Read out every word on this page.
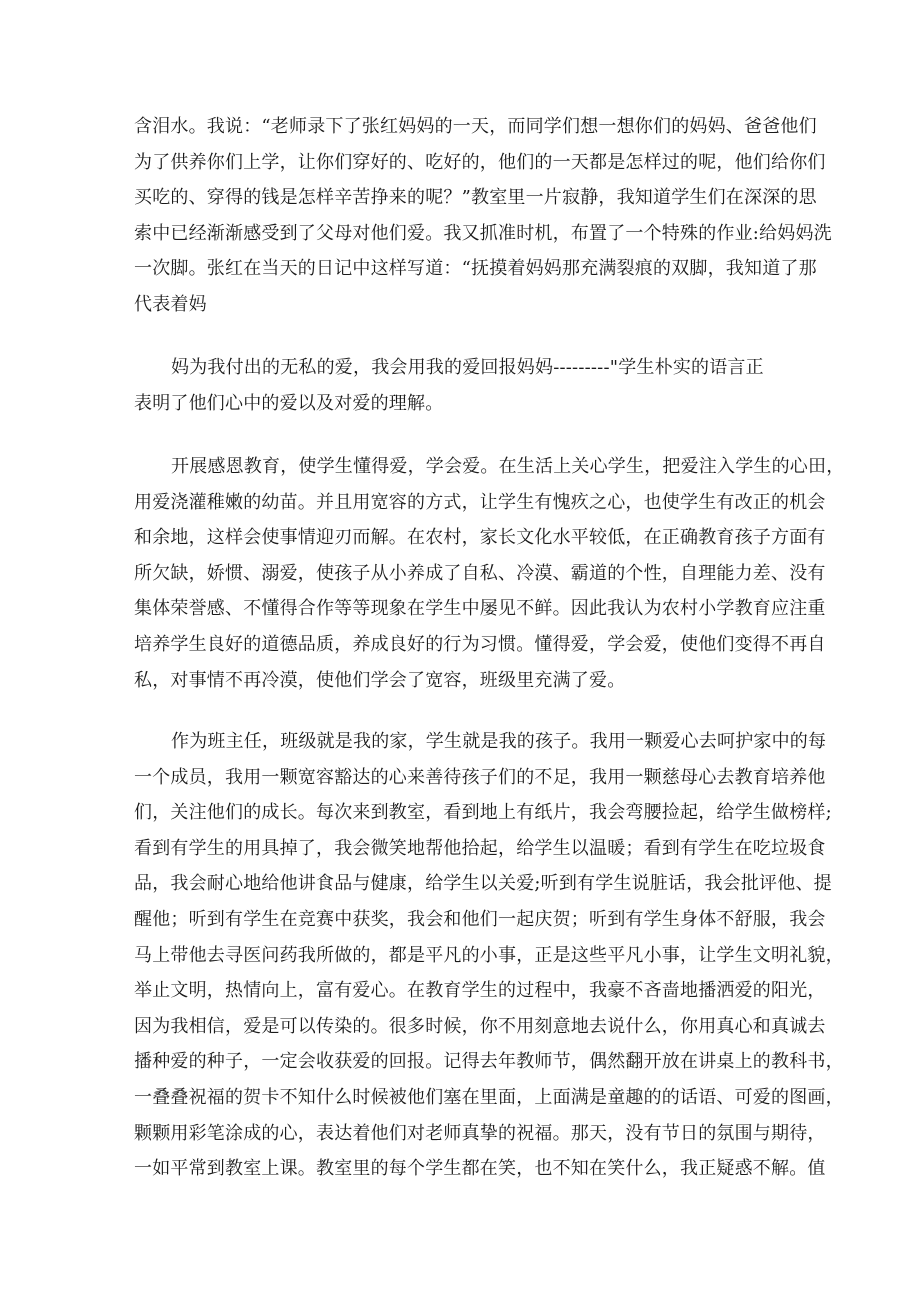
含泪水。我说：“老师录下了张红妈妈的一天，而同学们想一想你们的妈妈、爸爸他们
为了供养你们上学，让你们穿好的、吃好的，他们的一天都是怎样过的呢，他们给你们
买吃的、穿得的钱是怎样辛苦挣来的呢？”教室里一片寂静，我知道学生们在深深的思
索中已经渐渐感受到了父母对他们爱。我又抓准时机，布置了一个特殊的作业:给妈妈洗
一次脚。张红在当天的日记中这样写道：“抚摸着妈妈那充满裂痕的双脚，我知道了那
代表着妈
妈为我付出的无私的爱，我会用我的爱回报妈妈---------"学生朴实的语言正
表明了他们心中的爱以及对爱的理解。
开展感恩教育，使学生懂得爱，学会爱。在生活上关心学生，把爱注入学生的心田，
用爱浇灌稚嫩的幼苗。并且用宽容的方式，让学生有愧疚之心，也使学生有改正的机会
和余地，这样会使事情迎刃而解。在农村，家长文化水平较低，在正确教育孩子方面有
所欠缺，娇惯、溺爱，使孩子从小养成了自私、冷漠、霸道的个性，自理能力差、没有
集体荣誉感、不懂得合作等等现象在学生中屡见不鲜。因此我认为农村小学教育应注重
培养学生良好的道德品质，养成良好的行为习惯。懂得爱，学会爱，使他们变得不再自
私，对事情不再冷漠，使他们学会了宽容，班级里充满了爱。
作为班主任，班级就是我的家，学生就是我的孩子。我用一颗爱心去呵护家中的每
一个成员，我用一颗宽容豁达的心来善待孩子们的不足，我用一颗慈母心去教育培养他
们，关注他们的成长。每次来到教室，看到地上有纸片，我会弯腰捡起，给学生做榜样;
看到有学生的用具掉了，我会微笑地帮他拾起，给学生以温暖；看到有学生在吃垃圾食
品，我会耐心地给他讲食品与健康，给学生以关爱;听到有学生说脏话，我会批评他、提
醒他；听到有学生在竞赛中获奖，我会和他们一起庆贺；听到有学生身体不舒服，我会
马上带他去寻医问药我所做的，都是平凡的小事，正是这些平凡小事，让学生文明礼貌，
举止文明，热情向上，富有爱心。在教育学生的过程中，我豪不吝啬地播洒爱的阳光，
因为我相信，爱是可以传染的。很多时候，你不用刻意地去说什么，你用真心和真诚去
播种爱的种子，一定会收获爱的回报。记得去年教师节，偶然翻开放在讲桌上的教科书，
一叠叠祝福的贺卡不知什么时候被他们塞在里面，上面满是童趣的的话语、可爱的图画，
颗颗用彩笔涂成的心，表达着他们对老师真挚的祝福。那天，没有节日的氛围与期待，
一如平常到教室上课。教室里的每个学生都在笑，也不知在笑什么，我正疑惑不解。值
